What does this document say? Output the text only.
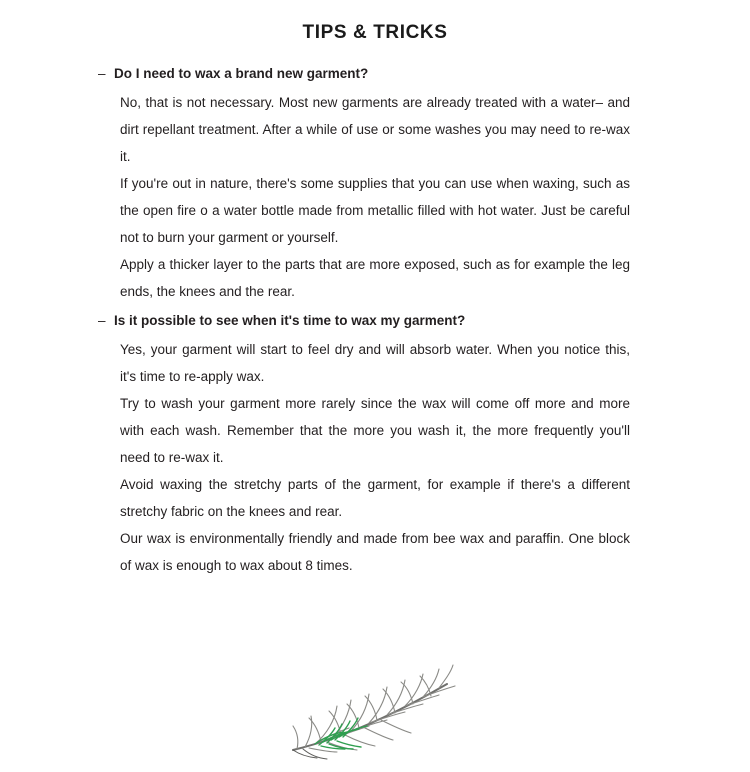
TIPS & TRICKS
– Do I need to wax a brand new garment?

No, that is not necessary. Most new garments are already treated with a water– and dirt repellant treatment. After a while of use or some washes you may need to re-wax it.

If you're out in nature, there's some supplies that you can use when waxing, such as the open fire o a water bottle made from metallic filled with hot water. Just be careful not to burn your garment or yourself.

Apply a thicker layer to the parts that are more exposed, such as for example the leg ends, the knees and the rear.

– Is it possible to see when it's time to wax my garment?

Yes, your garment will start to feel dry and will absorb water. When you notice this, it's time to re-apply wax.

Try to wash your garment more rarely since the wax will come off more and more with each wash. Remember that the more you wash it, the more frequently you'll need to re-wax it.

Avoid waxing the stretchy parts of the garment, for example if there's a different stretchy fabric on the knees and rear.

Our wax is environmentally friendly and made from bee wax and paraffin. One block of wax is enough to wax about 8 times.
